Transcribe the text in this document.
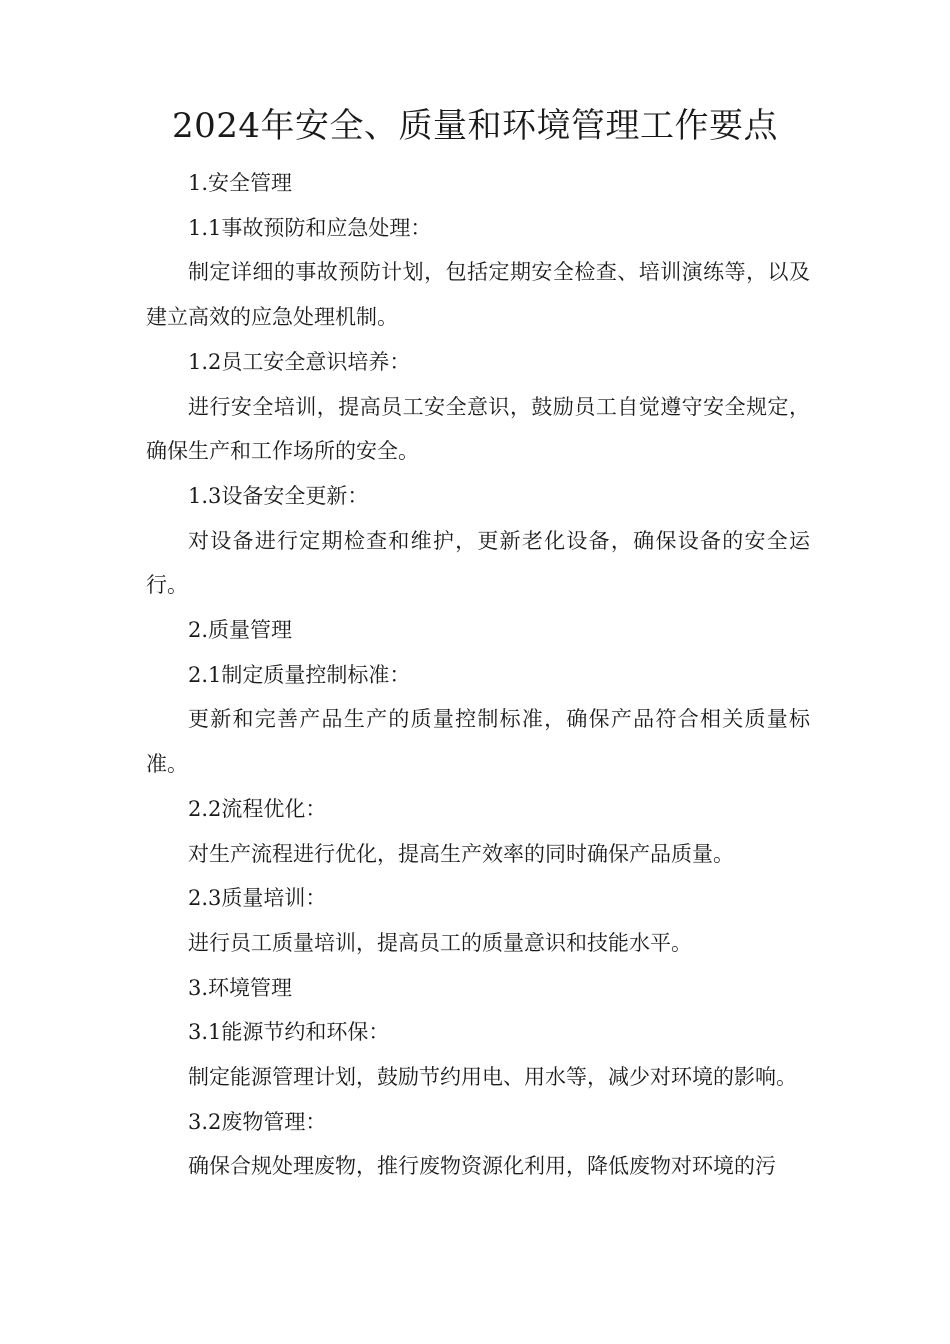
2024年安全、质量和环境管理工作要点

1.安全管理

1.1事故预防和应急处理：

制定详细的事故预防计划，包括定期安全检查、培训演练等，以及建立高效的应急处理机制。

1.2员工安全意识培养：

进行安全培训，提高员工安全意识，鼓励员工自觉遵守安全规定，确保生产和工作场所的安全。

1.3设备安全更新：

对设备进行定期检查和维护，更新老化设备，确保设备的安全运行。

2.质量管理

2.1制定质量控制标准：

更新和完善产品生产的质量控制标准，确保产品符合相关质量标准。

2.2流程优化：

对生产流程进行优化，提高生产效率的同时确保产品质量。

2.3质量培训：

进行员工质量培训，提高员工的质量意识和技能水平。

3.环境管理

3.1能源节约和环保：

制定能源管理计划，鼓励节约用电、用水等，减少对环境的影响。

3.2废物管理：

确保合规处理废物，推行废物资源化利用，降低废物对环境的污
